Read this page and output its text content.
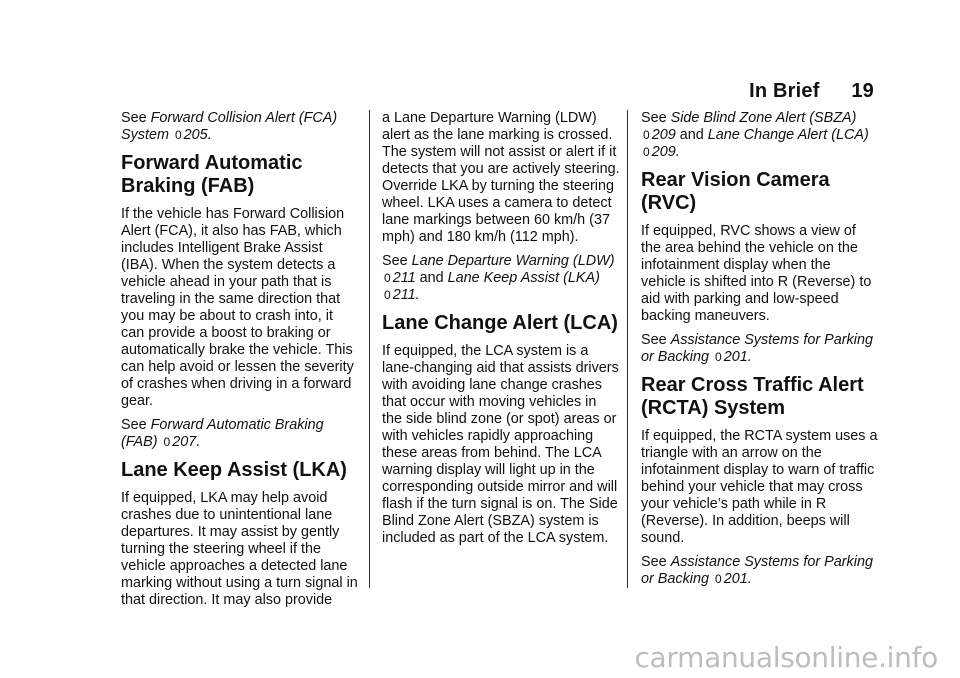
In Brief 19

See Forward Collision Alert (FCA) System 0 205.

Forward Automatic Braking (FAB)

If the vehicle has Forward Collision Alert (FCA), it also has FAB, which includes Intelligent Brake Assist (IBA). When the system detects a vehicle ahead in your path that is traveling in the same direction that you may be about to crash into, it can provide a boost to braking or automatically brake the vehicle. This can help avoid or lessen the severity of crashes when driving in a forward gear.

See Forward Automatic Braking (FAB) 0 207.

Lane Keep Assist (LKA)

If equipped, LKA may help avoid crashes due to unintentional lane departures. It may assist by gently turning the steering wheel if the vehicle approaches a detected lane marking without using a turn signal in that direction. It may also provide

a Lane Departure Warning (LDW) alert as the lane marking is crossed. The system will not assist or alert if it detects that you are actively steering. Override LKA by turning the steering wheel. LKA uses a camera to detect lane markings between 60 km/h (37 mph) and 180 km/h (112 mph).

See Lane Departure Warning (LDW) 0 211 and Lane Keep Assist (LKA) 0 211.

Lane Change Alert (LCA)

If equipped, the LCA system is a lane-changing aid that assists drivers with avoiding lane change crashes that occur with moving vehicles in the side blind zone (or spot) areas or with vehicles rapidly approaching these areas from behind. The LCA warning display will light up in the corresponding outside mirror and will flash if the turn signal is on. The Side Blind Zone Alert (SBZA) system is included as part of the LCA system.

See Side Blind Zone Alert (SBZA) 0 209 and Lane Change Alert (LCA) 0 209.

Rear Vision Camera (RVC)

If equipped, RVC shows a view of the area behind the vehicle on the infotainment display when the vehicle is shifted into R (Reverse) to aid with parking and low-speed backing maneuvers.

See Assistance Systems for Parking or Backing 0 201.

Rear Cross Traffic Alert (RCTA) System

If equipped, the RCTA system uses a triangle with an arrow on the infotainment display to warn of traffic behind your vehicle that may cross your vehicle’s path while in R (Reverse). In addition, beeps will sound.

See Assistance Systems for Parking or Backing 0 201.

carmanualsonline.info
